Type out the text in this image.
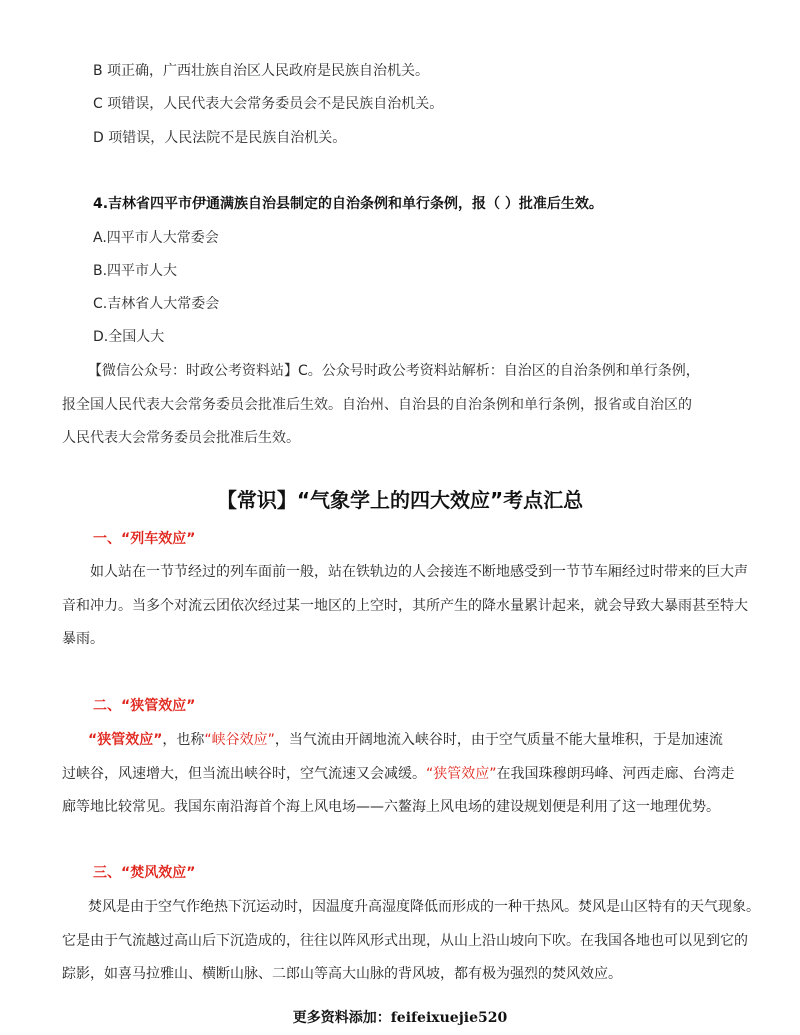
B 项正确，广西壮族自治区人民政府是民族自治机关。
C 项错误，人民代表大会常务委员会不是民族自治机关。
D 项错误，人民法院不是民族自治机关。
4.吉林省四平市伊通满族自治县制定的自治条例和单行条例，报（ ）批准后生效。
A.四平市人大常委会
B.四平市人大
C.吉林省人大常委会
D.全国人大
【微信公众号：时政公考资料站】C。公众号时政公考资料站解析：自治区的自治条例和单行条例，
报全国人民代表大会常务委员会批准后生效。自治州、自治县的自治条例和单行条例，报省或自治区的
人民代表大会常务委员会批准后生效。
【常识】“气象学上的四大效应”考点汇总
一、“列车效应”
如人站在一节节经过的列车面前一般，站在铁轨边的人会接连不断地感受到一节节车厢经过时带来的巨大声
音和冲力。当多个对流云团依次经过某一地区的上空时，其所产生的降水量累计起来，就会导致大暴雨甚至特大
暴雨。
二、“狭管效应”
“狭管效应”，也称“峡谷效应”，当气流由开阔地流入峡谷时，由于空气质量不能大量堆积，于是加速流
过峡谷，风速增大，但当流出峡谷时，空气流速又会减缓。“狭管效应”在我国珠穆朗玛峰、河西走廊、台湾走
廊等地比较常见。我国东南沿海首个海上风电场——六鳌海上风电场的建设规划便是利用了这一地理优势。
三、“焚风效应”
焚风是由于空气作绝热下沉运动时，因温度升高湿度降低而形成的一种干热风。焚风是山区特有的天气现象。
它是由于气流越过高山后下沉造成的，往往以阵风形式出现，从山上沿山坡向下吹。在我国各地也可以见到它的
踪影，如喜马拉雅山、横断山脉、二郎山等高大山脉的背风坡，都有极为强烈的焚风效应。
更多资料添加：feifeixuejie520
